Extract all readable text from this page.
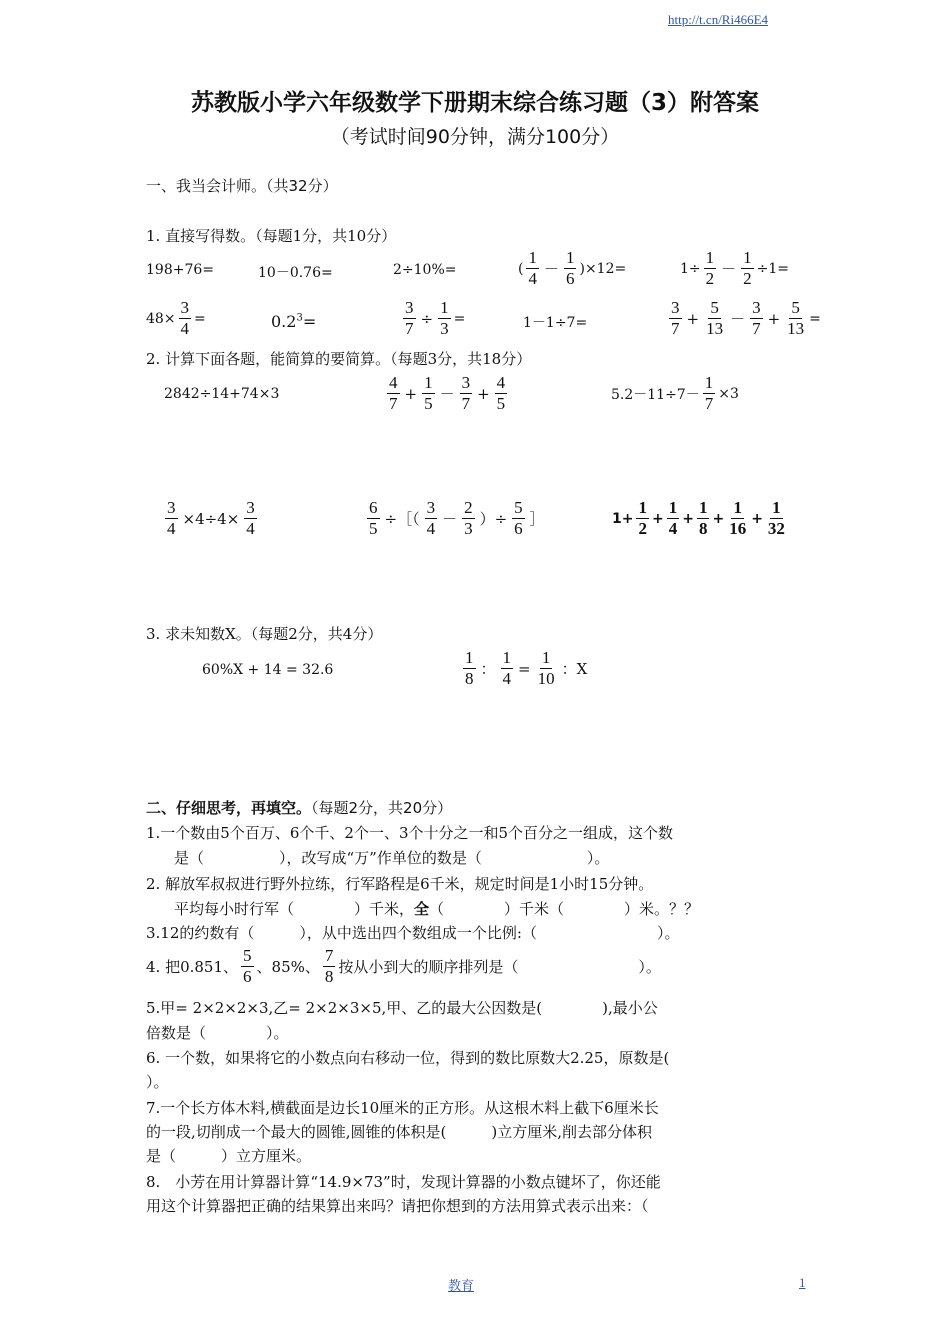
http://t.cn/Ri466E4
苏教版小学六年级数学下册期末综合练习题（3）附答案
（考试时间90分钟，满分100分）
一、我当会计师。（共32分）
1. 直接写得数。（每题1分，共10分）
198+76=	10－0.76=	2÷10%=	( $\frac{1}{4} - \frac{1}{6} )\times 12=$	$1\div \frac{1}{2} - \frac{1}{2} \div 1=$
$48\times \frac{3}{4}$ =	$0.2^3=$	$\frac{3}{7} \div \frac{1}{3}$ =	1－1÷7=	$\frac{3}{7} + \frac{5}{13} - \frac{3}{7} + \frac{5}{13}$ =
2. 计算下面各题，能简算的要简算。（每题3分，共18分）
2842÷14+74×3	$\frac{4}{7} + \frac{1}{5} - \frac{3}{7} + \frac{4}{5}$	$5.2-11\div 7- \frac{1}{7} \times 3$
$\frac{3}{4} \times 4\div 4\times \frac{3}{4}$	$\frac{6}{5}$ ÷［（ $\frac{3}{4} - \frac{2}{3}$ ）÷ $\frac{5}{6}$ ］	$1+ \frac{1}{2} + \frac{1}{4} + \frac{1}{8} + \frac{1}{16} + \frac{1}{32}$
3. 求未知数X。（每题2分，共4分）
60%X + 14 = 32.6	$\frac{1}{8}$ ： $\frac{1}{4} = \frac{1}{10}$ ：X
二、仔细思考，再填空。（每题2分，共20分）
1.一个数由5个百万、6个千、2个一、3个十分之一和5个百分之一组成，这个数
是（　　　　　），改写成“万”作单位的数是（　　　　　　　）。
2. 解放军叔叔进行野外拉练，行军路程是6千米，规定时间是1小时15分钟。
平均每小时行军（　　　　）千米，全（　　　　）千米（　　　　）米。？？
3.12的约数有（　　　），从中选出四个数组成一个比例:（　　　　　　　　）。
4. 把0.851、 $\frac{5}{6}$ 、85%、 $\frac{7}{8}$ 按从小到大的顺序排列是（　　　　　　　　）。
5.甲= 2×2×2×3,乙= 2×2×3×5,甲、乙的最大公因数是(　　　　),最小公
倍数是（　　　　）。
6. 一个数，如果将它的小数点向右移动一位，得到的数比原数大2.25，原数是(
）。
7.一个长方体木料,横截面是边长10厘米的正方形。从这根木料上截下6厘米长
的一段,切削成一个最大的圆锥,圆锥的体积是(　　　)立方厘米,削去部分体积
是（　　　）立方厘米。
8.　小芳在用计算器计算“14.9×73”时，发现计算器的小数点键坏了，你还能
用这个计算器把正确的结果算出来吗？请把你想到的方法用算式表示出来：（
教育	1
